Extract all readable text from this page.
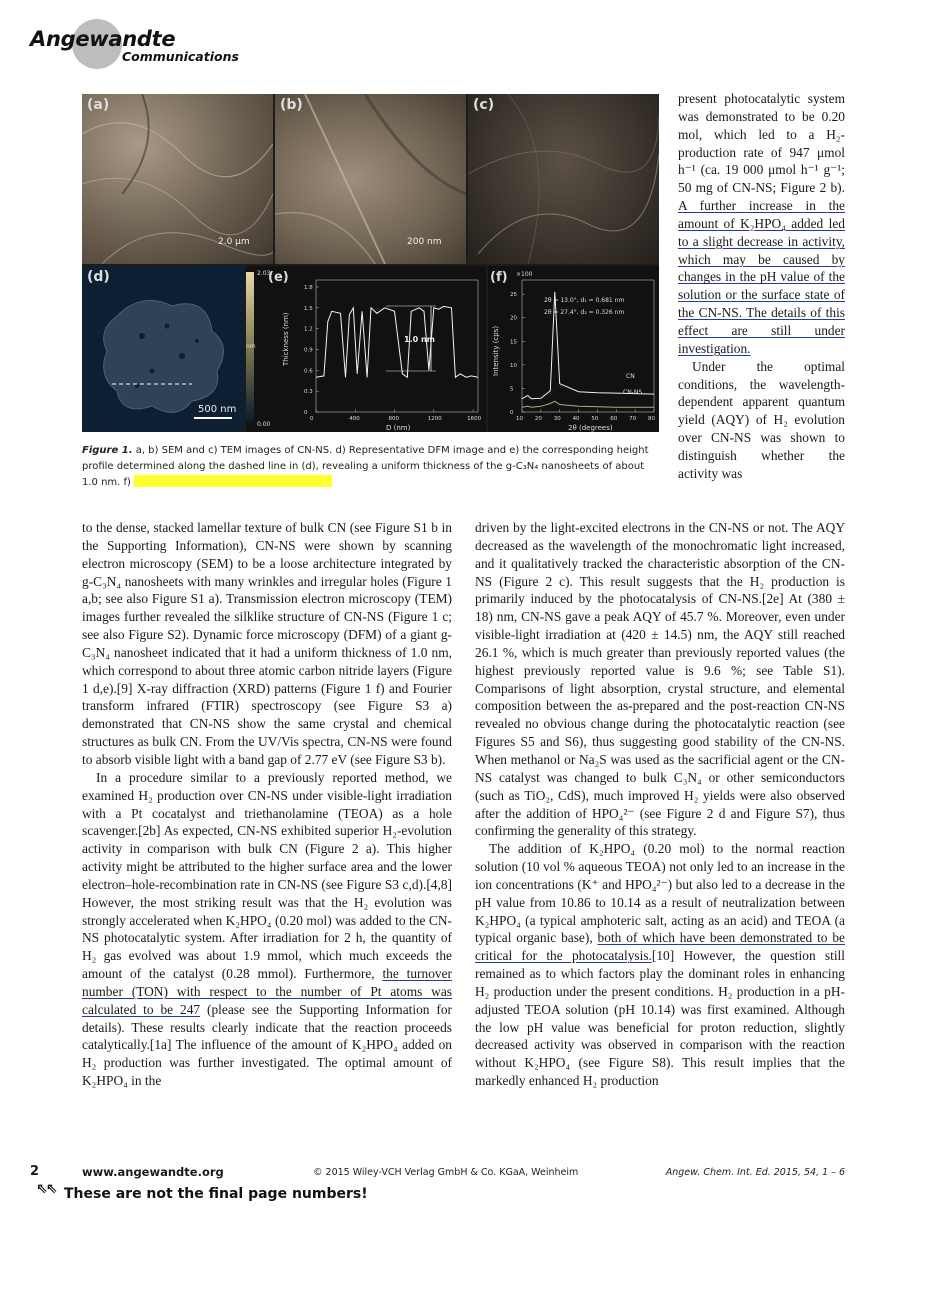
Angewandte
Communications
(a)
2.0 μm
(b)
200 nm
(c)
(d)
500 nm
2.03
0.00
nm
(e)
Thickness (nm)
D (nm)
0	400	800	1200	1600
0
0.3
0.6
0.9
1.2
1.5
1.8
1.0 nm
(f) ×100
Intensity (cps)
2θ (degrees)
2θ = 13.0°, d₁ = 0.681 nm
2θ = 27.4°, d₂ = 0.326 nm
10 20 30 40 50 60 70 80
0
5
10
15
20
25
CN
CN-NS
Figure 1. a, b) SEM and c) TEM images of CN-NS. d) Representative DFM image and e) the corresponding height profile determined along the dashed line in (d), revealing a uniform thickness of the g-C₃N₄ nanosheets of about 1.0 nm. f)

present photocatalytic system was demonstrated to be 0.20 mol, which led to a H₂-production rate of 947 μmol h⁻¹ (ca. 19 000 μmol h⁻¹ g⁻¹; 50 mg of CN-NS; Figure 2 b). A further increase in the amount of K₂HPO₄ added led to a slight decrease in activity, which may be caused by changes in the pH value of the solution or the surface state of the CN-NS. The details of this effect are still under investigation.

Under the optimal conditions, the wavelength-dependent apparent quantum yield (AQY) of H₂ evolution over CN-NS was shown to distinguish whether the activity was

to the dense, stacked lamellar texture of bulk CN (see Figure S1 b in the Supporting Information), CN-NS were shown by scanning electron microscopy (SEM) to be a loose architecture integrated by g-C₃N₄ nanosheets with many wrinkles and irregular holes (Figure 1 a,b; see also Figure S1 a). Transmission electron microscopy (TEM) images further revealed the silklike structure of CN-NS (Figure 1 c; see also Figure S2). Dynamic force microscopy (DFM) of a giant g-C₃N₄ nanosheet indicated that it had a uniform thickness of 1.0 nm, which correspond to about three atomic carbon nitride layers (Figure 1 d,e).[9] X-ray diffraction (XRD) patterns (Figure 1 f) and Fourier transform infrared (FTIR) spectroscopy (see Figure S3 a) demonstrated that CN-NS show the same crystal and chemical structures as bulk CN. From the UV/Vis spectra, CN-NS were found to absorb visible light with a band gap of 2.77 eV (see Figure S3 b).

In a procedure similar to a previously reported method, we examined H₂ production over CN-NS under visible-light irradiation with a Pt cocatalyst and triethanolamine (TEOA) as a hole scavenger.[2b] As expected, CN-NS exhibited superior H₂-evolution activity in comparison with bulk CN (Figure 2 a). This higher activity might be attributed to the higher surface area and the lower electron–hole-recombination rate in CN-NS (see Figure S3 c,d).[4,8] However, the most striking result was that the H₂ evolution was strongly accelerated when K₂HPO₄ (0.20 mol) was added to the CN-NS photocatalytic system. After irradiation for 2 h, the quantity of H₂ gas evolved was about 1.9 mmol, which much exceeds the amount of the catalyst (0.28 mmol). Furthermore, the turnover number (TON) with respect to the number of Pt atoms was calculated to be 247 (please see the Supporting Information for details). These results clearly indicate that the reaction proceeds catalytically.[1a] The influence of the amount of K₂HPO₄ added on H₂ production was further investigated. The optimal amount of K₂HPO₄ in the

driven by the light-excited electrons in the CN-NS or not. The AQY decreased as the wavelength of the monochromatic light increased, and it qualitatively tracked the characteristic absorption of the CN-NS (Figure 2 c). This result suggests that the H₂ production is primarily induced by the photocatalysis of CN-NS.[2e] At (380 ± 18) nm, CN-NS gave a peak AQY of 45.7 %. Moreover, even under visible-light irradiation at (420 ± 14.5) nm, the AQY still reached 26.1 %, which is much greater than previously reported values (the highest previously reported value is 9.6 %; see Table S1). Comparisons of light absorption, crystal structure, and elemental composition between the as-prepared and the post-reaction CN-NS revealed no obvious change during the photocatalytic reaction (see Figures S5 and S6), thus suggesting good stability of the CN-NS. When methanol or Na₂S was used as the sacrificial agent or the CN-NS catalyst was changed to bulk C₃N₄ or other semiconductors (such as TiO₂, CdS), much improved H₂ yields were also observed after the addition of HPO₄²⁻ (see Figure 2 d and Figure S7), thus confirming the generality of this strategy.

The addition of K₂HPO₄ (0.20 mol) to the normal reaction solution (10 vol % aqueous TEOA) not only led to an increase in the ion concentrations (K⁺ and HPO₄²⁻) but also led to a decrease in the pH value from 10.86 to 10.14 as a result of neutralization between K₂HPO₄ (a typical amphoteric salt, acting as an acid) and TEOA (a typical organic base), both of which have been demonstrated to be critical for the photocatalysis.[10] However, the question still remained as to which factors play the dominant roles in enhancing H₂ production under the present conditions. H₂ production in a pH-adjusted TEOA solution (pH 10.14) was first examined. Although the low pH value was beneficial for proton reduction, slightly decreased activity was observed in comparison with the reaction without K₂HPO₄ (see Figure S8). This result implies that the markedly enhanced H₂ production

2	www.angewandte.org	© 2015 Wiley-VCH Verlag GmbH & Co. KGaA, Weinheim	Angew. Chem. Int. Ed. 2015, 54, 1 – 6
⇖⇖ These are not the final page numbers!
